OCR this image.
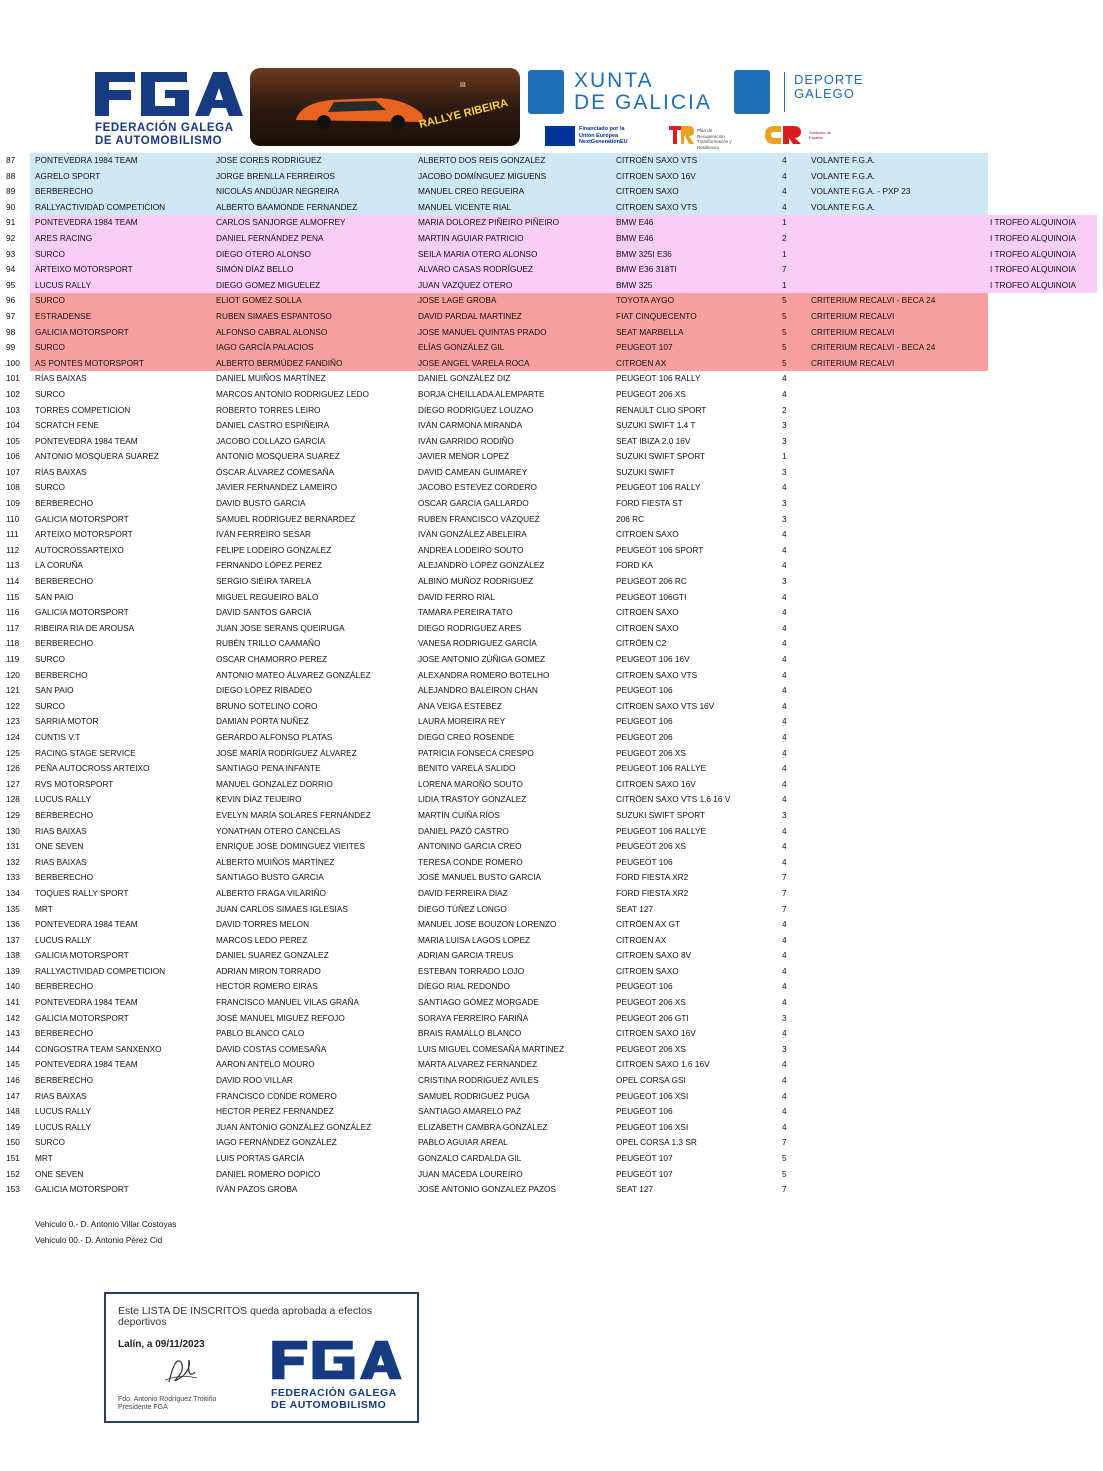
FEDERACIÓN GALEGA
DE AUTOMOBILISMO
III
RALLYE RIBEIRA
XUNTA
DE GALICIA
DEPORTE
GALEGO
Financiado por la Unión Europea NextGenerationEU
Plan de Recuperación, Transformación y Resiliencia
Gobierno de España
87	PONTEVEDRA 1984 TEAM	JOSE CORES RODRIGUEZ	ALBERTO DOS REIS GONZALEZ	CITROËN SAXO VTS	4	VOLANTE F.G.A.
88	AGRELO SPORT	JORGE BRENLLA FERREIROS	JACOBO DOMÍNGUEZ MIGUENS	CITROEN SAXO 16V	4	VOLANTE F.G.A.
89	BERBERECHO	NICOLÁS ANDÚJAR NEGREIRA	MANUEL CREO REGUEIRA	CITROEN SAXO	4	VOLANTE F.G.A. - PXP 23
90	RALLYACTIVIDAD COMPETICION	ALBERTO BAAMONDE FERNANDEZ	MANUEL VICENTE RIAL	CITROEN SAXO VTS	4	VOLANTE F.G.A.
91	PONTEVEDRA 1984 TEAM	CARLOS SANJORGE ALMOFREY	MARIA DOLOREZ PIÑEIRO PIÑEIRO	BMW E46	1	I TROFEO ALQUINOIA
92	ARES RACING	DANIEL FERNÁNDEZ PENA	MARTIN AGUIAR PATRICIO	BMW E46	2	I TROFEO ALQUINOIA
93	SURCO	DIEGO OTERO ALONSO	SEILA MARIA OTERO ALONSO	BMW 325I E36	1	I TROFEO ALQUINOIA
94	ARTEIXO MOTORSPORT	SIMÓN DÍAZ BELLO	ALVARO CASAS RODRÍGUEZ	BMW E36 318TI	7	I TROFEO ALQUINOIA
95	LUCUS RALLY	DIEGO GOMEZ MIGUELEZ	JUAN VAZQUEZ OTERO	BMW 325	1	I TROFEO ALQUINOIA
96	SURCO	ELIOT GOMEZ SOLLA	JOSE LAGE GROBA	TOYOTA AYGO	5	CRITERIUM RECALVI - BECA 24
97	ESTRADENSE	RUBEN SIMAES ESPANTOSO	DAVID PARDAL MARTINEZ	FIAT CINQUECENTO	5	CRITERIUM RECALVI
98	GALICIA MOTORSPORT	ALFONSO CABRAL ALONSO	JOSE MANUEL QUINTAS PRADO	SEAT MARBELLA	5	CRITERIUM RECALVI
99	SURCO	IAGO GARCÍA PALACIOS	ELÍAS GONZÁLEZ GIL	PEUGEOT 107	5	CRITERIUM RECALVI - BECA 24
100	AS PONTES MOTORSPORT	ALBERTO BERMÚDEZ FANDIÑO	JOSE ANGEL VARELA ROCA	CITROEN AX	5	CRITERIUM RECALVI
101	RÍAS BAIXAS	DANIEL MUIÑOS MARTÍNEZ	DANIEL GONZÁLEZ DIZ	PEUGEOT 106 RALLY	4
102	SURCO	MARCOS ANTONIO RODRIGUEZ LEDO	BORJA CHEILLADA ALEMPARTE	PEUGEOT 206 XS	4
103	TORRES COMPETICION	ROBERTO TORRES LEIRO	DIEGO RODRIGUEZ LOUZAO	RENAULT CLIO SPORT	2
104	SCRATCH FENE	DANIEL CASTRO ESPIÑEIRA	IVÁN CARMONA MIRANDA	SUZUKI SWIFT 1.4 T	3
105	PONTEVEDRA 1984 TEAM	JACOBO COLLAZO GARCÍA	IVÁN GARRIDO RODIÑO	SEAT IBIZA 2.0 16V	3
106	ANTONIO MOSQUERA SUAREZ	ANTONIO MOSQUERA SUAREZ	JAVIER MENOR LOPEZ	SUZUKI SWIFT SPORT	1
107	RÍAS BAIXAS	ÓSCAR ÁLVAREZ COMESAÑA	DAVID CAMEAN GUIMAREY	SUZUKI SWIFT	3
108	SURCO	JAVIER FERNANDEZ LAMEIRO	JACOBO ESTEVEZ CORDERO	PEUGEOT 106 RALLY	4
109	BERBERECHO	DAVID BUSTO GARCIA	OSCAR GARCIA GALLARDO	FORD FIESTA ST	3
110	GALICIA MOTORSPORT	SAMUEL RODRÍGUEZ BERNARDEZ	RUBEN FRANCISCO VÁZQUEZ	206 RC	3
111	ARTEIXO MOTORSPORT	IVÁN FERREIRO SESAR	IVÁN GONZÁLEZ ABELEIRA	CITROEN SAXO	4
112	AUTOCROSSARTEIXO	FELIPE LODEIRO GONZALEZ	ANDREA LODEIRO SOUTO	PEUGEOT 106 SPORT	4
113	LA CORUÑA	FERNANDO LÓPEZ PEREZ	ALEJANDRO LÓPEZ GONZÁLEZ	FORD KA	4
114	BERBERECHO	SERGIO SIEIRA TARELA	ALBINO MUÑOZ RODRIGUEZ	PEUGEOT 206 RC	3
115	SAN PAIO	MIGUEL REGUEIRO BALO	DAVID FERRO RIAL	PEUGEOT 106GTI	4
116	GALICIA MOTORSPORT	DAVID SANTOS GARCIA	TAMARA PEREIRA TATO	CITROEN SAXO	4
117	RIBEIRA RIA DE AROUSA	JUAN JOSE SERANS QUEIRUGA	DIEGO RODRIGUEZ ARES	CITROEN SAXO	4
118	BERBERECHO	RUBÉN TRILLO CAAMAÑO	VANESA RODRIGUEZ GARCÍA	CITRÖEN C2	4
119	SURCO	OSCAR CHAMORRO PEREZ	JOSE ANTONIO ZÚÑIGA GOMEZ	PEUGEOT 106 16V	4
120	BERBERCHO	ANTONIO MATEO ÁLVAREZ GONZÁLEZ	ALEXANDRA ROMERO BOTELHO	CITROEN SAXO VTS	4
121	SAN PAIO	DIEGO LÓPEZ RIBADEO	ALEJANDRO BALEIRON CHAN	PEUGEOT 106	4
122	SURCO	BRUNO SOTELINO CORO	ANA VEIGA ESTEBEZ	CITROEN SAXO VTS 16V	4
123	SARRIA MOTOR	DAMIAN PORTA NUÑEZ	LAURA MOREIRA REY	PEUGEOT 106	4
124	CUNTIS V.T	GERARDO ALFONSO PLATAS	DIEGO CREO ROSENDE	PEUGEOT 206	4
125	RACING STAGE SERVICE	JOSÉ MARÍA RODRÍGUEZ ÁLVAREZ	PATRICIA FONSECA CRESPO	PEUGEOT 206 XS	4
126	PEÑA AUTOCROSS ARTEIXO	SANTIAGO PENA INFANTE	BENITO VARELA SALIDO	PEUGEOT 106 RALLYE	4
127	RVS MOTORSPORT	MANUEL GONZALEZ DORRIO	LORENA MAROÑO SOUTO	CITROEN SAXO 16V	4
128	LUCUS RALLY	KEVIN DÍAZ TEIJEIRO	LIDIA TRASTOY GONZÁLEZ	CITRÖEN SAXO VTS 1.6 16 V	4
129	BERBERECHO	EVELYN MARÍA SOLARES FERNÁNDEZ	MARTÍN CUIÑA RÍOS	SUZUKI SWIFT SPORT	3
130	RIAS BAIXAS	YONATHAN OTERO CANCELAS	DANIEL PAZÓ CASTRO	PEUGEOT 106 RALLYE	4
131	ONE SEVEN	ENRIQUE JOSE DOMINGUEZ VIEITES	ANTONINO GARCIA CREO	PEUGEOT 206 XS	4
132	RIAS BAIXAS	ALBERTO MUIÑOS MARTÍNEZ	TERESA CONDE ROMERO	PEUGEOT 106	4
133	BERBERECHO	SANTIAGO BUSTO GARCIA	JOSÉ MANUEL BUSTO GARCIA	FORD FIESTA XR2	7
134	TOQUES RALLY SPORT	ALBERTO FRAGA VILARIÑO	DAVID FERREIRA DIAZ	FORD FIESTA XR2	7
135	MRT	JUAN CARLOS SIMAES IGLESIAS	DIEGO TÚÑEZ LONGO	SEAT 127	7
136	PONTEVEDRA 1984 TEAM	DAVID TORRES MELON	MANUEL JOSE BOUZON LORENZO	CITRÖEN AX GT	4
137	LUCUS RALLY	MARCOS LEDO PEREZ	MARIA LUISA LAGOS LOPEZ	CITROEN AX	4
138	GALICIA MOTORSPORT	DANIEL SUAREZ GONZALEZ	ADRIAN GARCIA TREUS	CITROEN SAXO 8V	4
139	RALLYACTIVIDAD COMPETICION	ADRIAN MIRON TORRADO	ESTEBAN TORRADO LOJO	CITROEN SAXO	4
140	BERBERECHO	HECTOR ROMERO EIRAS	DIEGO RIAL REDONDO	PEUGEOT 106	4
141	PONTEVEDRA 1984 TEAM	FRANCISCO MANUEL VILAS GRAÑA	SANTIAGO GÓMEZ MORGADE	PEUGEOT 206 XS	4
142	GALICIA MOTORSPORT	JOSÉ MANUEL MIGUEZ REFOJO	SORAYA FERREIRO FARIÑA	PEUGEOT 206 GTI	3
143	BERBERECHO	PABLO BLANCO CALO	BRAIS RAMALLO BLANCO	CITROEN SAXO 16V	4
144	CONGOSTRA TEAM SANXENXO	DAVID COSTAS COMESAÑA	LUIS MIGUEL COMESAÑA MARTINEZ	PEUGEOT 206 XS	3
145	PONTEVEDRA 1984 TEAM	AARON ANTELO MOURO	MARTA ALVAREZ FERNANDEZ	CITROEN SAXO 1.6 16V	4
146	BERBERECHO	DAVID ROO VILLAR	CRISTINA RODRIGUEZ AVILES	OPEL CORSA GSI	4
147	RIAS BAIXAS	FRANCISCO CONDE ROMERO	SAMUEL RODRIGUEZ PUGA	PEUGEOT 106 XSI	4
148	LUCUS RALLY	HECTOR PEREZ FERNANDEZ	SANTIAGO AMARELO PAZ	PEUGEOT 106	4
149	LUCUS RALLY	JUAN ANTONIO GONZÁLEZ GONZÁLEZ	ELIZABETH CAMBRA GONZÁLEZ	PEUGEOT 106 XSI	4
150	SURCO	IAGO FERNÁNDEZ GONZÁLEZ	PABLO AGUIAR AREAL	OPEL CORSA 1.3 SR	7
151	MRT	LUIS PORTAS GARCÍA	GONZALO CARDALDA GIL	PEUGEOT 107	5
152	ONE SEVEN	DANIEL ROMERO DOPICO	JUAN MACEDA LOUREIRO	PEUGEOT 107	5
153	GALICIA MOTORSPORT	IVÁN PAZOS GROBA	JOSÉ ANTONIO GONZALEZ PAZOS	SEAT 127	7
Vehiculo 0.- D. Antonio Villar Costoyas
Vehiculo 00.- D. Antonio Pérez Cid
Este LISTA DE INSCRITOS queda aprobada a efectos deportivos
Lalín, a 09/11/2023
Fdo. Antonio Rodríguez Troitiño
Presidente FGA
FEDERACIÓN GALEGA
DE AUTOMOBILISMO
